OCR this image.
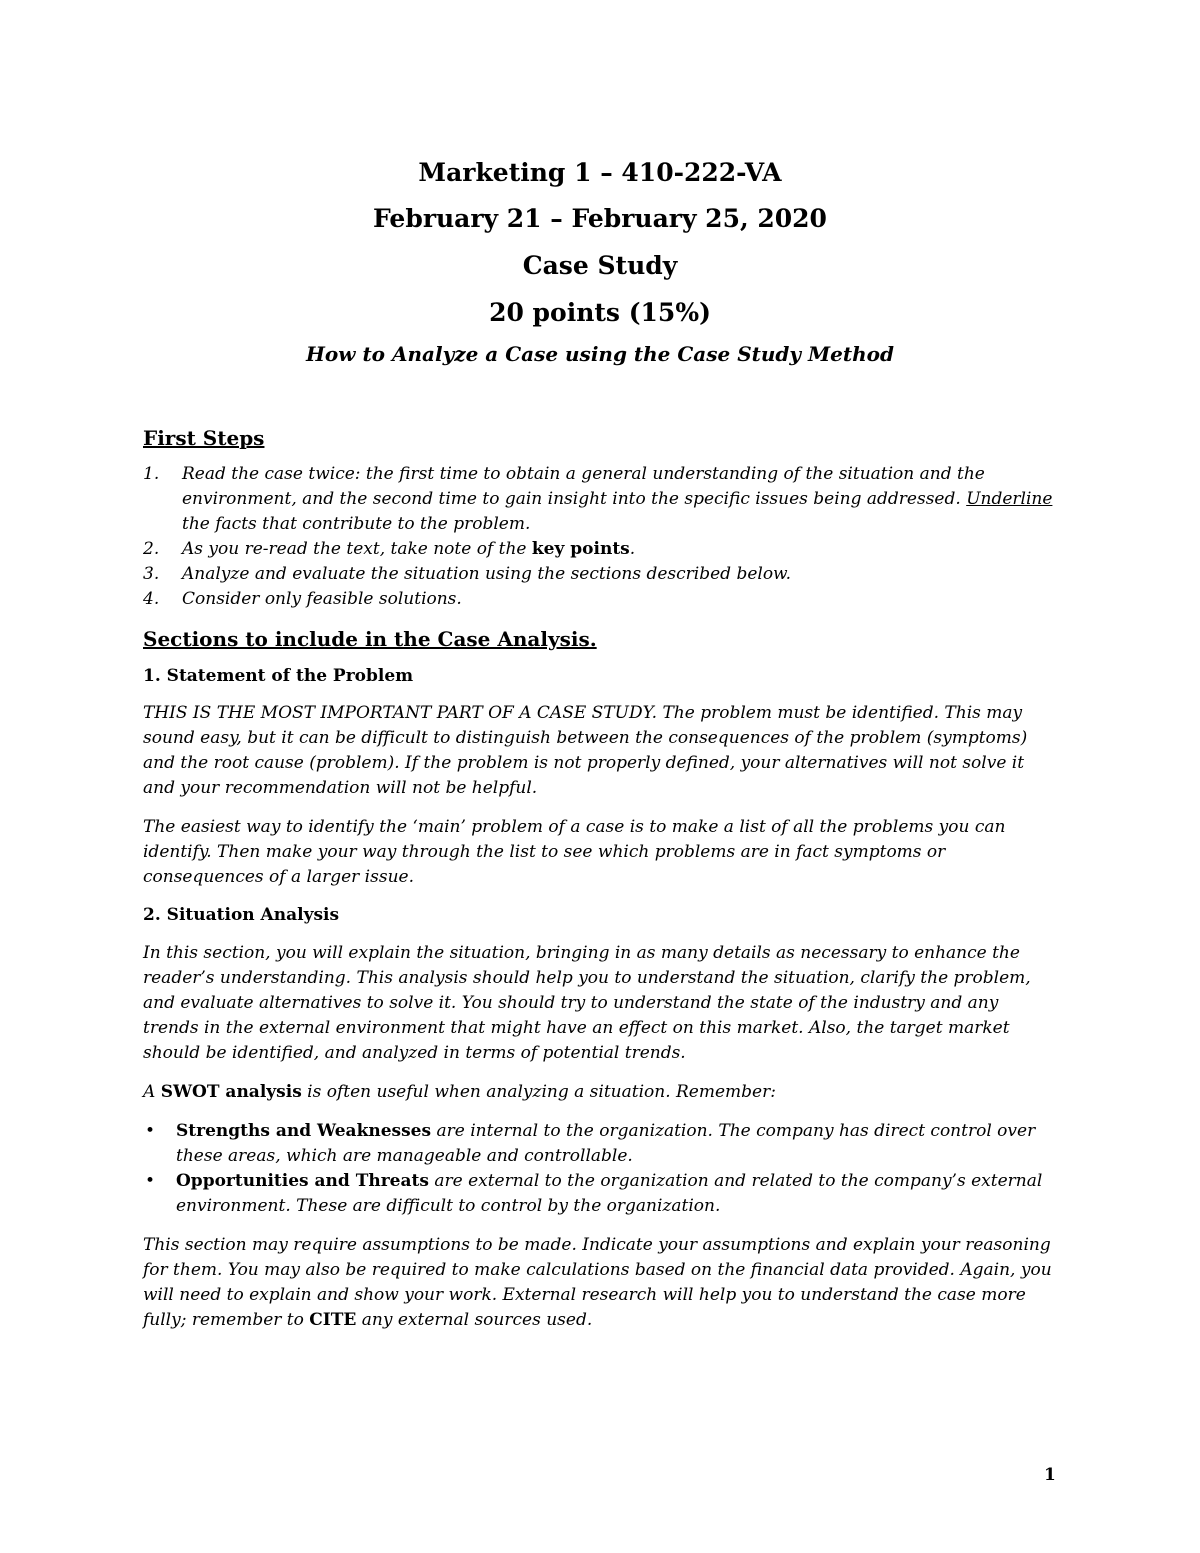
Marketing 1 – 410-222-VA
February 21 – February 25, 2020
Case Study
20 points (15%)
How to Analyze a Case using the Case Study Method
First Steps
1. Read the case twice: the first time to obtain a general understanding of the situation and the environment, and the second time to gain insight into the specific issues being addressed. Underline the facts that contribute to the problem.
2. As you re-read the text, take note of the key points.
3. Analyze and evaluate the situation using the sections described below.
4. Consider only feasible solutions.
Sections to include in the Case Analysis.
1. Statement of the Problem

THIS IS THE MOST IMPORTANT PART OF A CASE STUDY. The problem must be identified. This may sound easy, but it can be difficult to distinguish between the consequences of the problem (symptoms) and the root cause (problem). If the problem is not properly defined, your alternatives will not solve it and your recommendation will not be helpful.

The easiest way to identify the ‘main’ problem of a case is to make a list of all the problems you can identify. Then make your way through the list to see which problems are in fact symptoms or consequences of a larger issue.

2. Situation Analysis

In this section, you will explain the situation, bringing in as many details as necessary to enhance the reader’s understanding. This analysis should help you to understand the situation, clarify the problem, and evaluate alternatives to solve it. You should try to understand the state of the industry and any trends in the external environment that might have an effect on this market. Also, the target market should be identified, and analyzed in terms of potential trends.

A SWOT analysis is often useful when analyzing a situation. Remember:

• Strengths and Weaknesses are internal to the organization. The company has direct control over these areas, which are manageable and controllable.
• Opportunities and Threats are external to the organization and related to the company’s external environment. These are difficult to control by the organization.

This section may require assumptions to be made. Indicate your assumptions and explain your reasoning for them. You may also be required to make calculations based on the financial data provided. Again, you will need to explain and show your work. External research will help you to understand the case more fully; remember to CITE any external sources used.

1
